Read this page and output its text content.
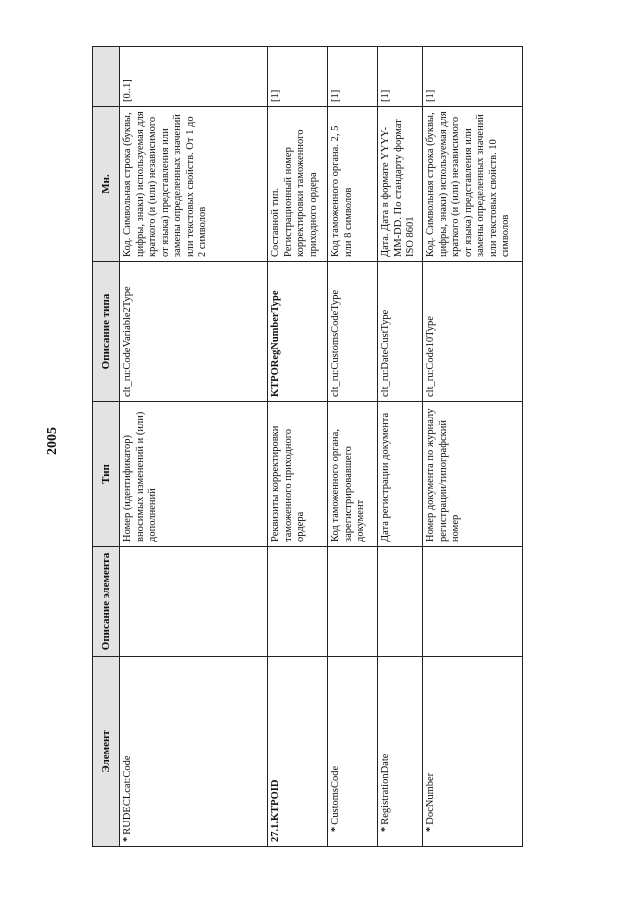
2005
Элемент	Описание элемента	Тип	Описание типа	Мн.	
*RUDECLcat:Code		Номер (идентификатор) вносимых изменений и (или) дополнений	clt_ru:CodeVariable2Type	Код. Символьная строка (буквы, цифры, знаки) используемая для краткого (и (или) независимого от языка) представления или замены определенных значений или текстовых свойств. От 1 до 2 символов	[0..1]
27.1.KTPOID		Реквизиты корректировки таможенного приходного ордера	KTPORegNumberType	Составной тип. Регистрационный номер корректировки таможенного приходного ордера	[1]
*CustomsCode		Код таможенного органа, зарегистрировавшего документ	clt_ru:CustomsCodeType	Код таможенного органа. 2, 5 или 8 символов	[1]
*RegistrationDate		Дата регистрации документа	clt_ru:DateCustType	Дата. Дата в формате YYYY-MM-DD. По стандарту формат ISO 8601	[1]
*DocNumber		Номер документа по журналу регистрации/типографский номер	clt_ru:Code10Type	Код. Символьная строка (буквы, цифры, знаки) используемая для краткого (и (или) независимого от языка) представления или замены определенных значений или текстовых свойств. 10 символов	[1]
